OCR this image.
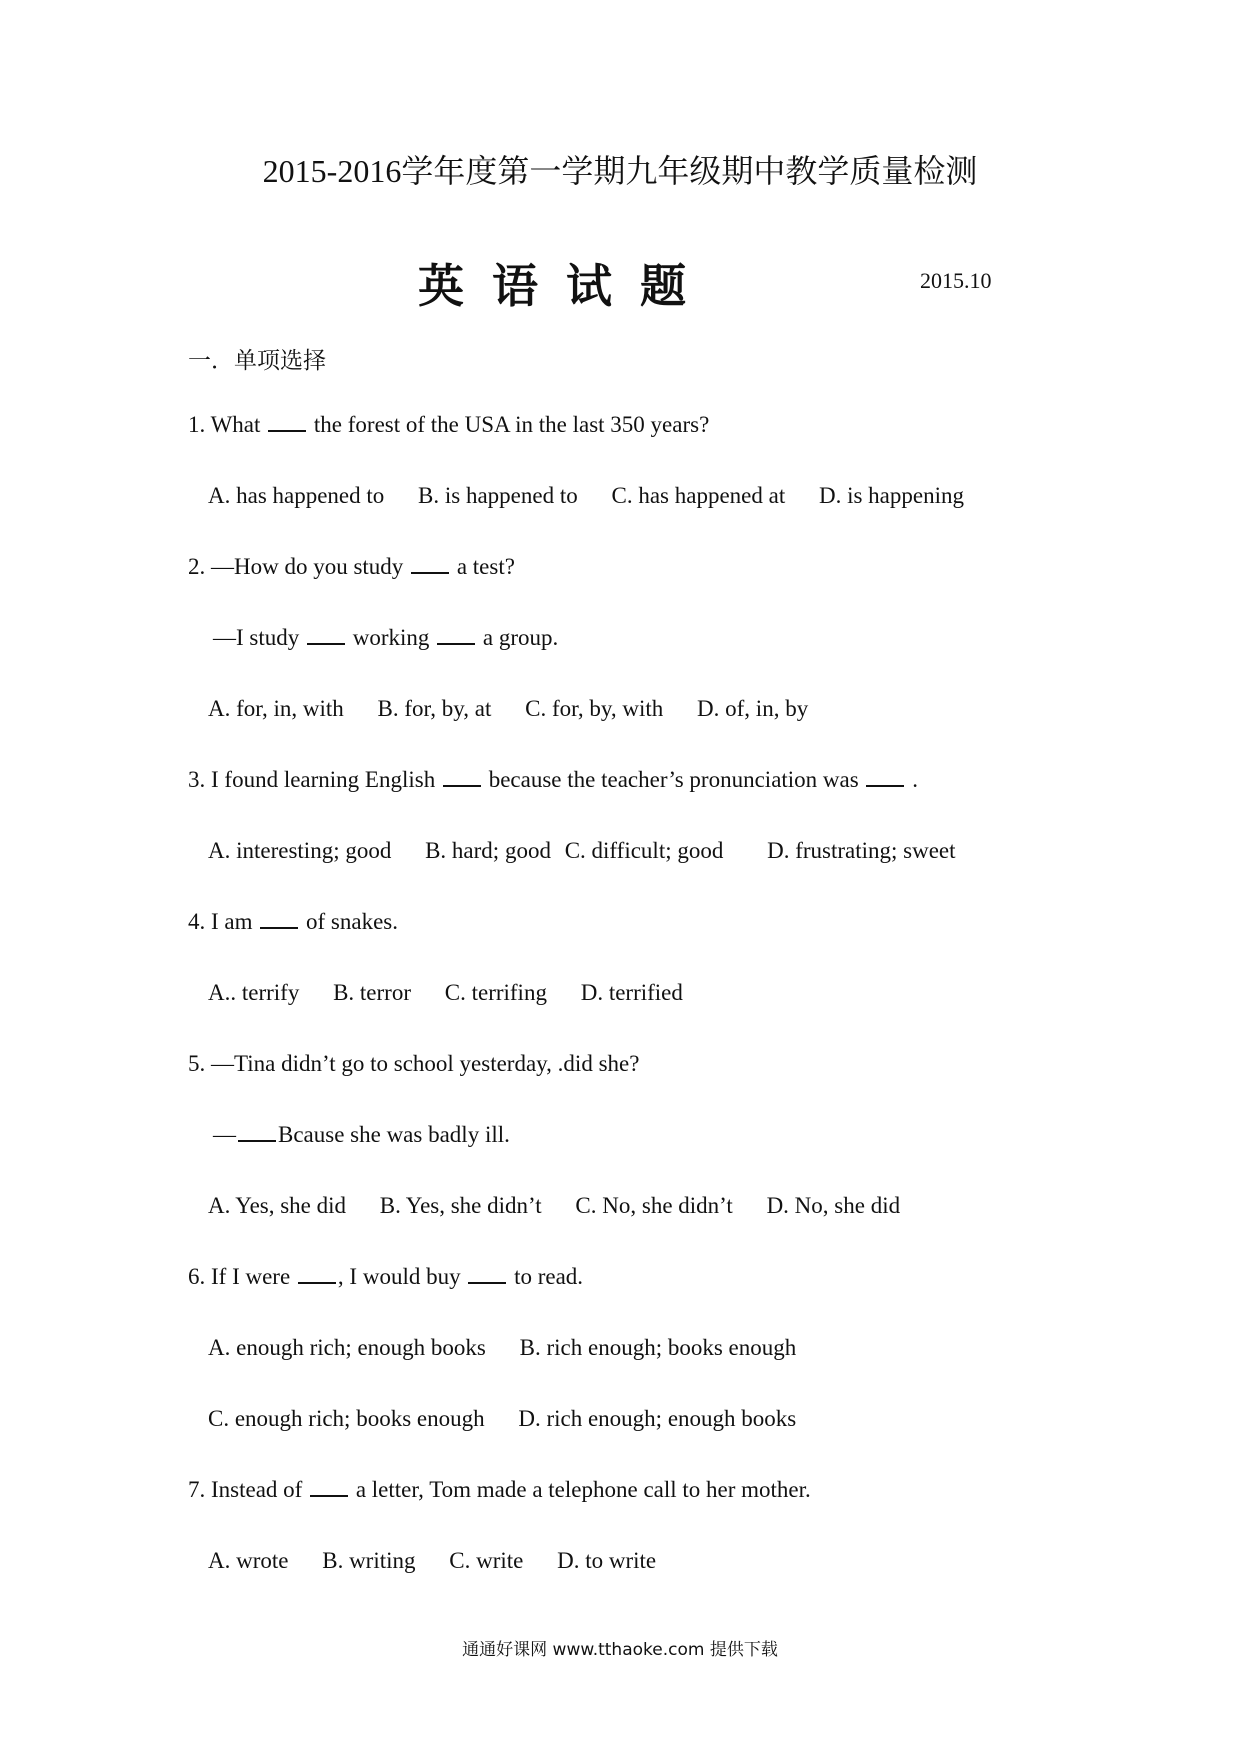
2015-2016学年度第一学期九年级期中教学质量检测
英语试题	2015.10
一．单项选择
1. What the forest of the USA in the last 350 years?
A. has happened to B. is happened to C. has happened at D. is happening
2. —How do you study a test?
—I study working a group.
A. for, in, with B. for, by, at C. for, by, with D. of, in, by
3. I found learning English because the teacher’s pronunciation was .
A. interesting; good B. hard; good C. difficult; good D. frustrating; sweet
4. I am of snakes.
A.. terrify B. terror C. terrifing D. terrified
5. —Tina didn’t go to school yesterday, .did she?
— Bcause she was badly ill.
A. Yes, she did B. Yes, she didn’t C. No, she didn’t D. No, she did
6. If I were , I would buy to read.
A. enough rich; enough books B. rich enough; books enough
C. enough rich; books enough D. rich enough; enough books
7. Instead of a letter, Tom made a telephone call to her mother.
A. wrote B. writing C. write D. to write
通通好课网 www.tthaoke.com 提供下载
